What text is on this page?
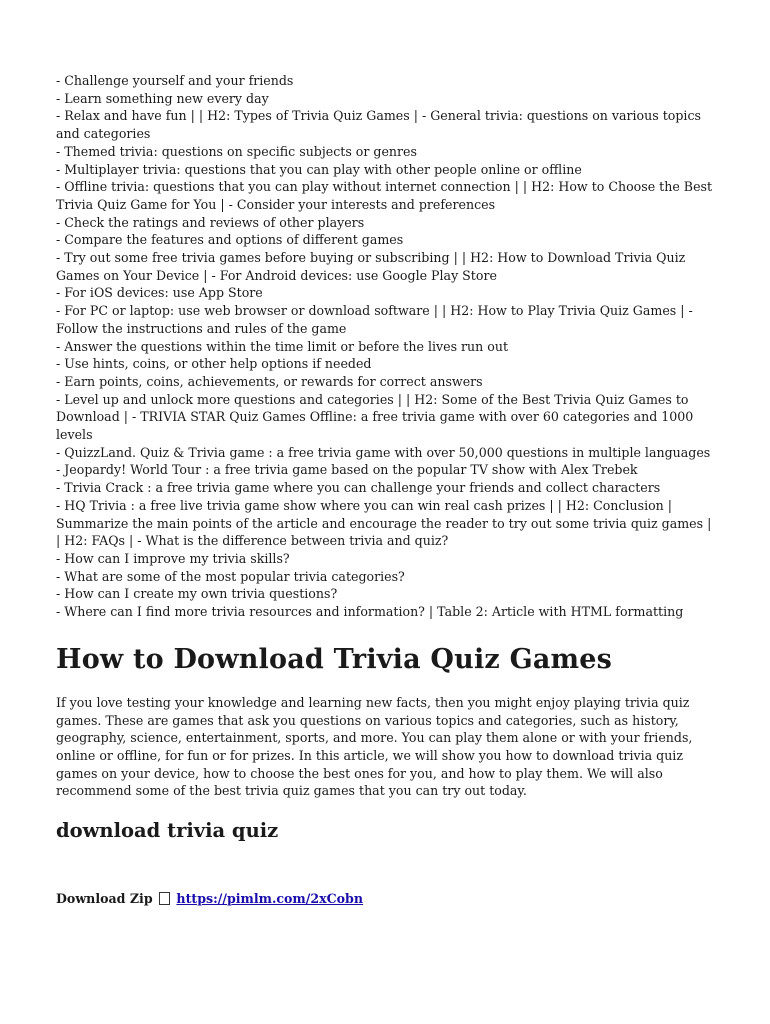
- Challenge yourself and your friends
- Learn something new every day
- Relax and have fun | | H2: Types of Trivia Quiz Games | - General trivia: questions on various topics and categories
- Themed trivia: questions on specific subjects or genres
- Multiplayer trivia: questions that you can play with other people online or offline
- Offline trivia: questions that you can play without internet connection | | H2: How to Choose the Best Trivia Quiz Game for You | - Consider your interests and preferences
- Check the ratings and reviews of other players
- Compare the features and options of different games
- Try out some free trivia games before buying or subscribing | | H2: How to Download Trivia Quiz Games on Your Device | - For Android devices: use Google Play Store
- For iOS devices: use App Store
- For PC or laptop: use web browser or download software | | H2: How to Play Trivia Quiz Games | - Follow the instructions and rules of the game
- Answer the questions within the time limit or before the lives run out
- Use hints, coins, or other help options if needed
- Earn points, coins, achievements, or rewards for correct answers
- Level up and unlock more questions and categories | | H2: Some of the Best Trivia Quiz Games to Download | - TRIVIA STAR Quiz Games Offline: a free trivia game with over 60 categories and 1000 levels
- QuizzLand. Quiz & Trivia game : a free trivia game with over 50,000 questions in multiple languages
- Jeopardy! World Tour : a free trivia game based on the popular TV show with Alex Trebek
- Trivia Crack : a free trivia game where you can challenge your friends and collect characters
- HQ Trivia : a free live trivia game show where you can win real cash prizes | | H2: Conclusion | Summarize the main points of the article and encourage the reader to try out some trivia quiz games | | H2: FAQs | - What is the difference between trivia and quiz?
- How can I improve my trivia skills?
- What are some of the most popular trivia categories?
- How can I create my own trivia questions?
- Where can I find more trivia resources and information? | Table 2: Article with HTML formatting
How to Download Trivia Quiz Games

If you love testing your knowledge and learning new facts, then you might enjoy playing trivia quiz games. These are games that ask you questions on various topics and categories, such as history, geography, science, entertainment, sports, and more. You can play them alone or with your friends, online or offline, for fun or for prizes. In this article, we will show you how to download trivia quiz games on your device, how to choose the best ones for you, and how to play them. We will also recommend some of the best trivia quiz games that you can try out today.

download trivia quiz

Download Zip https://pimlm.com/2xCobn
